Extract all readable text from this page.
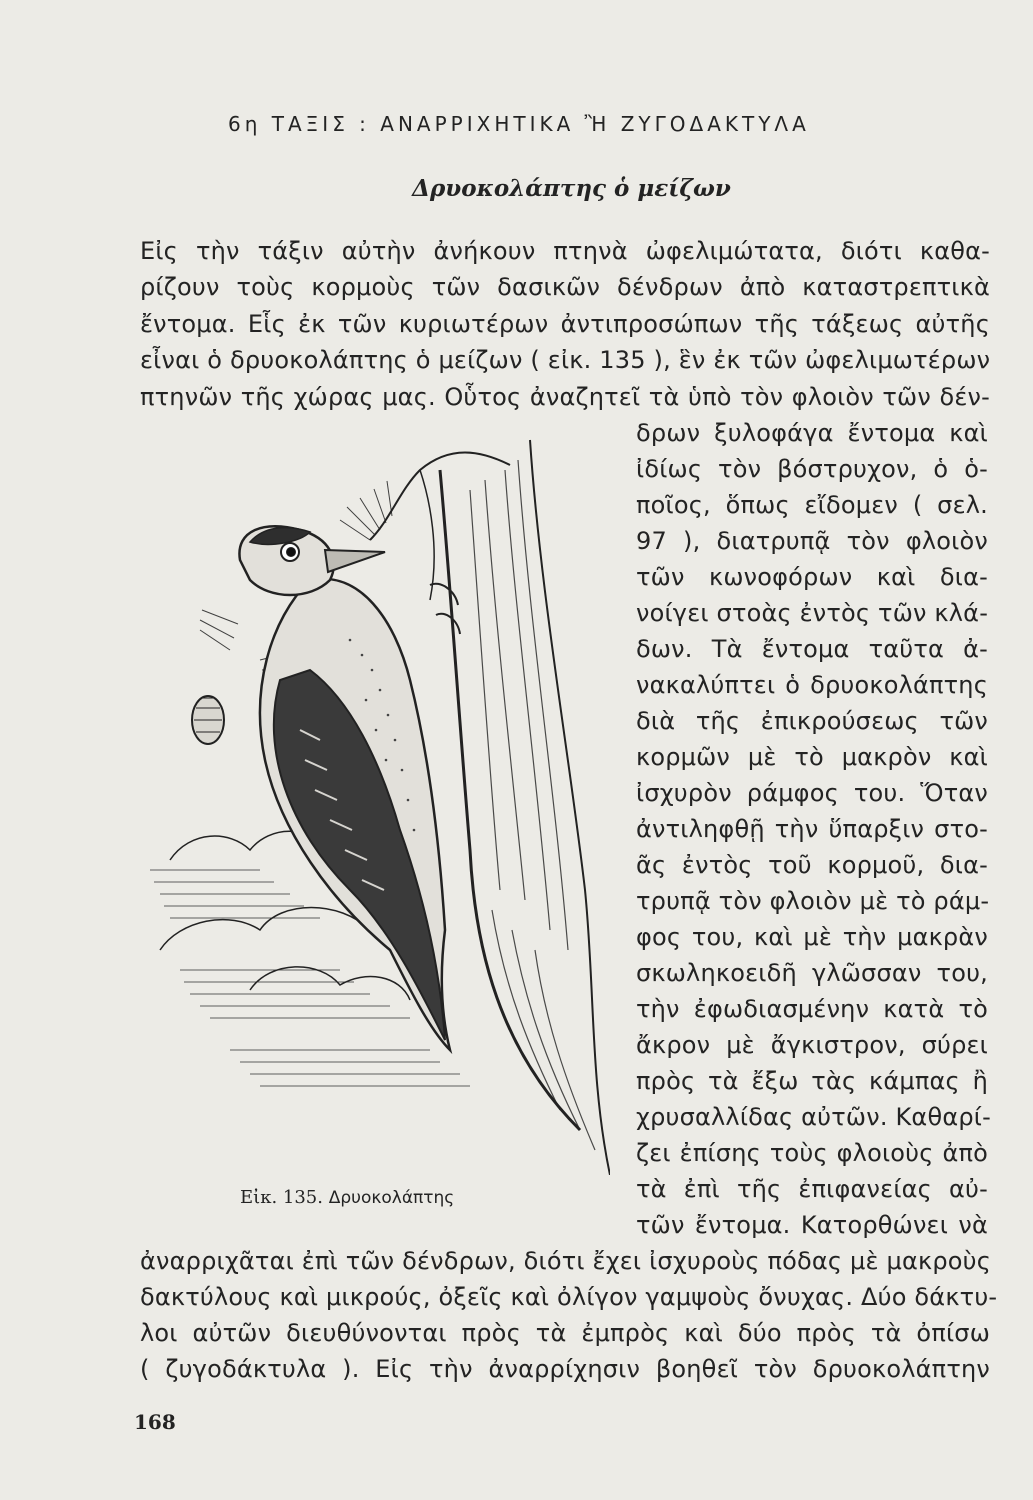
6η ΤΑΞΙΣ : ΑΝΑΡΡΙΧΗΤΙΚΑ Ἢ ΖΥΓΟΔΑΚΤΥΛΑ
Δρυοκολάπτης ὁ μείζων
Εἰς τὴν τάξιν αὐτὴν ἀνήκουν πτηνὰ ὠφελιμώτατα, διότι καθα-
ρίζουν τοὺς κορμοὺς τῶν δασικῶν δένδρων ἀπὸ καταστρεπτικὰ
ἔντομα. Εἷς ἐκ τῶν κυριωτέρων ἀντιπροσώπων τῆς τάξεως αὐτῆς
εἶναι ὁ δρυοκολάπτης ὁ μείζων ( εἰκ. 135 ), ἓν ἐκ τῶν ὠφελιμωτέρων
πτηνῶν τῆς χώρας μας. Οὗτος ἀναζητεῖ τὰ ὑπὸ τὸν φλοιὸν τῶν δέν-
δρων ξυλοφάγα ἔντομα καὶ
ἰδίως τὸν βόστρυχον, ὁ ὁ-
ποῖος, ὅπως εἴδομεν ( σελ.
97 ), διατρυπᾷ τὸν φλοιὸν
τῶν κωνοφόρων καὶ δια-
νοίγει στοὰς ἐντὸς τῶν κλά-
δων. Τὰ ἔντομα ταῦτα ἀ-
νακαλύπτει ὁ δρυοκολάπτης
διὰ τῆς ἐπικρούσεως τῶν
κορμῶν μὲ τὸ μακρὸν καὶ
ἰσχυρὸν ράμφος του. Ὅταν
ἀντιληφθῇ τὴν ὕπαρξιν στο-
ᾶς ἐντὸς τοῦ κορμοῦ, δια-
τρυπᾷ τὸν φλοιὸν μὲ τὸ ράμ-
φος του, καὶ μὲ τὴν μακρὰν
σκωληκοειδῆ γλῶσσαν του,
τὴν ἐφωδιασμένην κατὰ τὸ
ἄκρον μὲ ἄγκιστρον, σύρει
πρὸς τὰ ἔξω τὰς κάμπας ἢ
χρυσαλλίδας αὐτῶν. Καθαρί-
ζει ἐπίσης τοὺς φλοιοὺς ἀπὸ
τὰ ἐπὶ τῆς ἐπιφανείας αὐ-
τῶν ἔντομα. Κατορθώνει νὰ
ἀναρριχᾶται ἐπὶ τῶν δένδρων, διότι ἔχει ἰσχυροὺς πόδας μὲ μακροὺς
δακτύλους καὶ μικρούς, ὀξεῖς καὶ ὀλίγον γαμψοὺς ὄνυχας. Δύο δάκτυ-
λοι αὐτῶν διευθύνονται πρὸς τὰ ἐμπρὸς καὶ δύο πρὸς τὰ ὀπίσω
( ζυγοδάκτυλα ). Εἰς τὴν ἀναρρίχησιν βοηθεῖ τὸν δρυοκολάπτην
Εἰκ. 135. Δρυοκολάπτης
168
